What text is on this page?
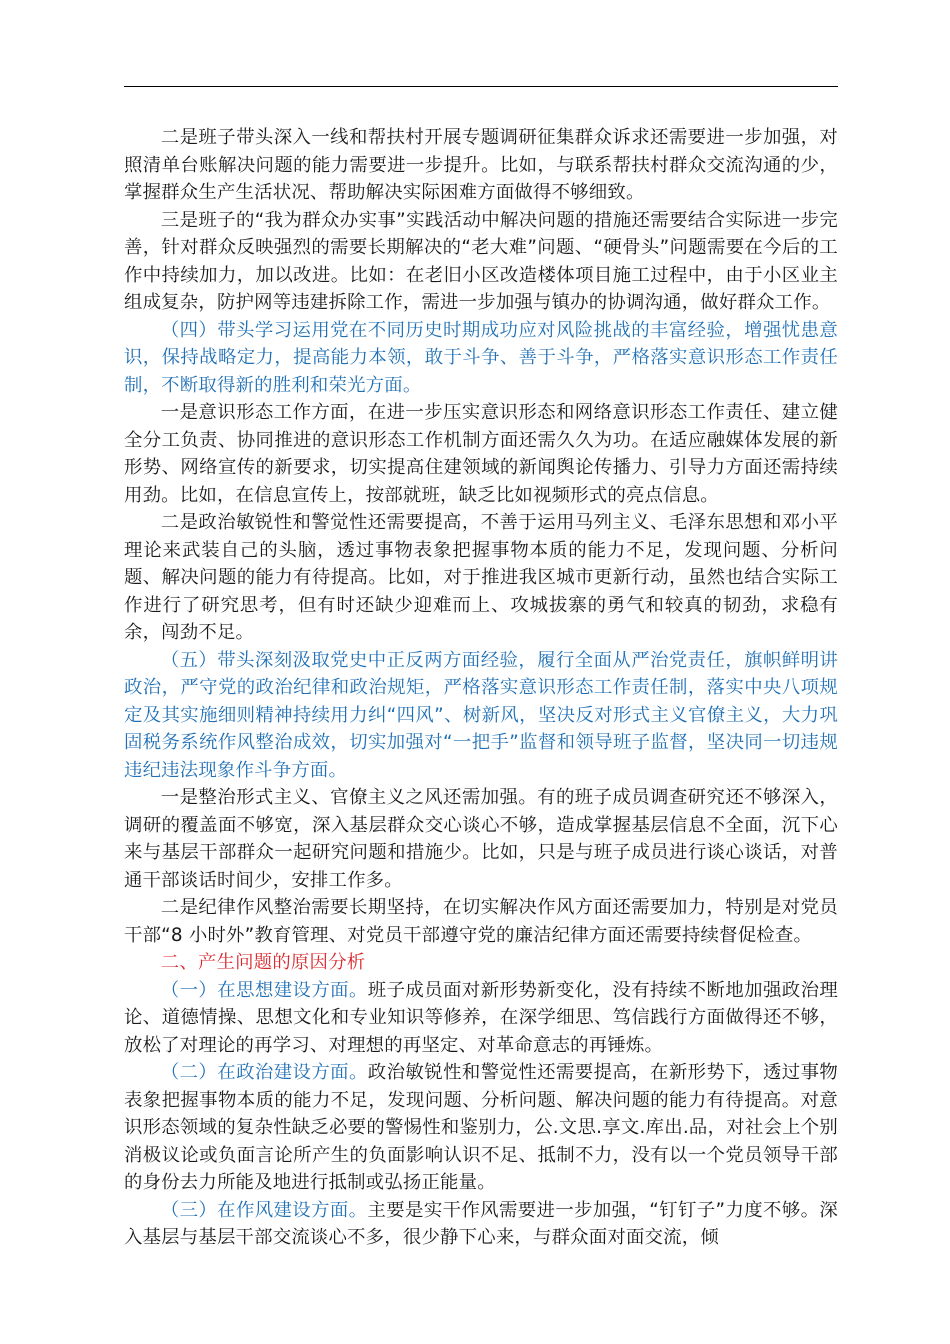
二是班子带头深入一线和帮扶村开展专题调研征集群众诉求还需要进一步加强，对照清单台账解决问题的能力需要进一步提升。比如，与联系帮扶村群众交流沟通的少，掌握群众生产生活状况、帮助解决实际困难方面做得不够细致。

三是班子的“我为群众办实事”实践活动中解决问题的措施还需要结合实际进一步完善，针对群众反映强烈的需要长期解决的“老大难”问题、“硬骨头”问题需要在今后的工作中持续加力，加以改进。比如：在老旧小区改造楼体项目施工过程中，由于小区业主组成复杂，防护网等违建拆除工作，需进一步加强与镇办的协调沟通，做好群众工作。

（四）带头学习运用党在不同历史时期成功应对风险挑战的丰富经验，增强忧患意识，保持战略定力，提高能力本领，敢于斗争、善于斗争，严格落实意识形态工作责任制，不断取得新的胜利和荣光方面。

一是意识形态工作方面，在进一步压实意识形态和网络意识形态工作责任、建立健全分工负责、协同推进的意识形态工作机制方面还需久久为功。在适应融媒体发展的新形势、网络宣传的新要求，切实提高住建领域的新闻舆论传播力、引导力方面还需持续用劲。比如，在信息宣传上，按部就班，缺乏比如视频形式的亮点信息。

二是政治敏锐性和警觉性还需要提高，不善于运用马列主义、毛泽东思想和邓小平理论来武装自己的头脑，透过事物表象把握事物本质的能力不足，发现问题、分析问题、解决问题的能力有待提高。比如，对于推进我区城市更新行动，虽然也结合实际工作进行了研究思考，但有时还缺少迎难而上、攻城拔寨的勇气和较真的韧劲，求稳有余，闯劲不足。

（五）带头深刻汲取党史中正反两方面经验，履行全面从严治党责任，旗帜鲜明讲政治，严守党的政治纪律和政治规矩，严格落实意识形态工作责任制，落实中央八项规定及其实施细则精神持续用力纠“四风”、树新风，坚决反对形式主义官僚主义，大力巩固税务系统作风整治成效，切实加强对“一把手”监督和领导班子监督，坚决同一切违规违纪违法现象作斗争方面。

一是整治形式主义、官僚主义之风还需加强。有的班子成员调查研究还不够深入，调研的覆盖面不够宽，深入基层群众交心谈心不够，造成掌握基层信息不全面，沉下心来与基层干部群众一起研究问题和措施少。比如，只是与班子成员进行谈心谈话，对普通干部谈话时间少，安排工作多。

二是纪律作风整治需要长期坚持，在切实解决作风方面还需要加力，特别是对党员干部“8 小时外”教育管理、对党员干部遵守党的廉洁纪律方面还需要持续督促检查。

二、产生问题的原因分析

（一）在思想建设方面。班子成员面对新形势新变化，没有持续不断地加强政治理论、道德情操、思想文化和专业知识等修养，在深学细思、笃信践行方面做得还不够，放松了对理论的再学习、对理想的再坚定、对革命意志的再锤炼。

（二）在政治建设方面。政治敏锐性和警觉性还需要提高，在新形势下，透过事物表象把握事物本质的能力不足，发现问题、分析问题、解决问题的能力有待提高。对意识形态领域的复杂性缺乏必要的警惕性和鉴别力，公.文思.享文.库出.品，对社会上个别消极议论或负面言论所产生的负面影响认识不足、抵制不力，没有以一个党员领导干部的身份去力所能及地进行抵制或弘扬正能量。

（三）在作风建设方面。主要是实干作风需要进一步加强，“钉钉子”力度不够。深入基层与基层干部交流谈心不多，很少静下心来，与群众面对面交流，倾
